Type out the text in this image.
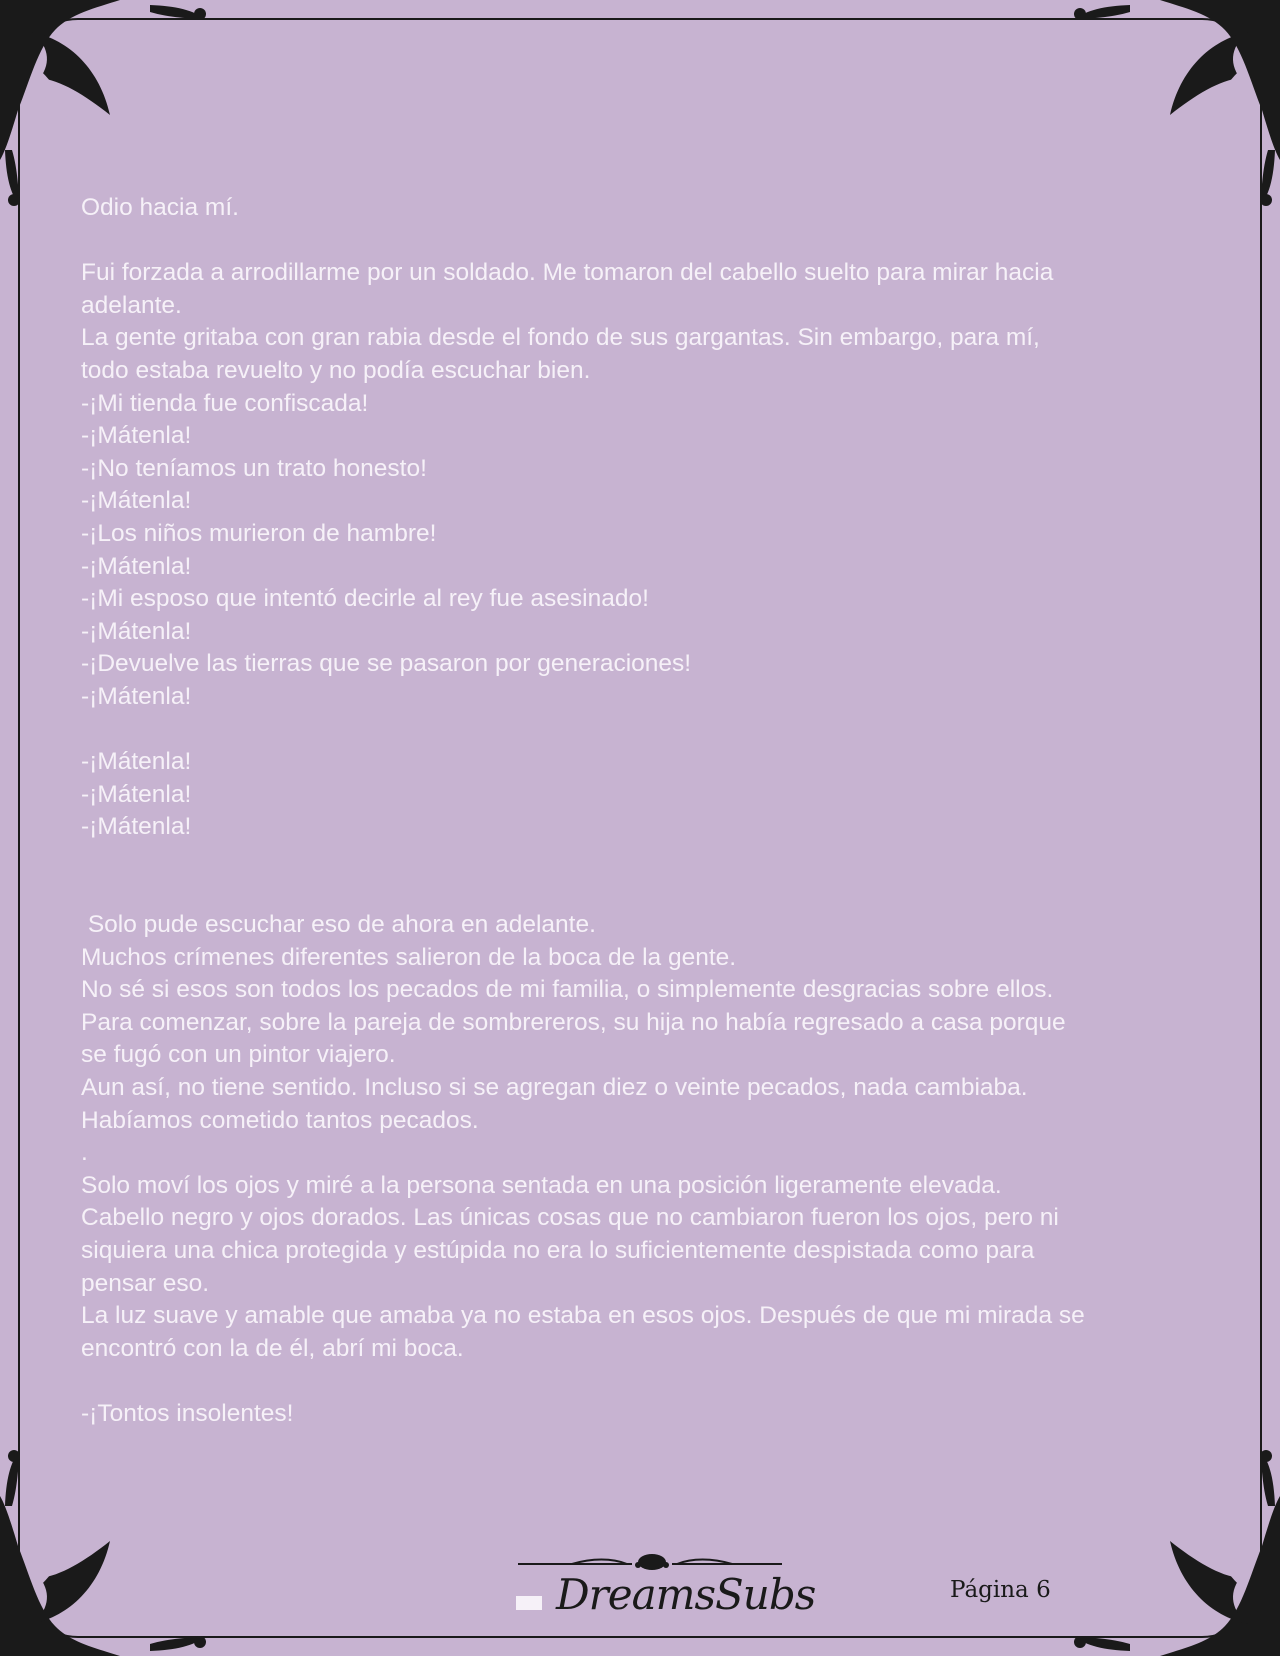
Odio hacia mí.
Fui forzada a arrodillarme por un soldado. Me tomaron del cabello suelto para mirar hacia
adelante.
La gente gritaba con gran rabia desde el fondo de sus gargantas. Sin embargo, para mí,
todo estaba revuelto y no podía escuchar bien.
-¡Mi tienda fue confiscada!
-¡Mátenla!
-¡No teníamos un trato honesto!
-¡Mátenla!
-¡Los niños murieron de hambre!
-¡Mátenla!
-¡Mi esposo que intentó decirle al rey fue asesinado!
-¡Mátenla!
-¡Devuelve las tierras que se pasaron por generaciones!
-¡Mátenla!
-¡Mátenla!
-¡Mátenla!
-¡Mátenla!
Solo pude escuchar eso de ahora en adelante.
Muchos crímenes diferentes salieron de la boca de la gente.
No sé si esos son todos los pecados de mi familia, o simplemente desgracias sobre ellos.
Para comenzar, sobre la pareja de sombrereros, su hija no había regresado a casa porque
se fugó con un pintor viajero.
Aun así, no tiene sentido. Incluso si se agregan diez o veinte pecados, nada cambiaba.
Habíamos cometido tantos pecados.
.
Solo moví los ojos y miré a la persona sentada en una posición ligeramente elevada.
Cabello negro y ojos dorados. Las únicas cosas que no cambiaron fueron los ojos, pero ni
siquiera una chica protegida y estúpida no era lo suficientemente despistada como para
pensar eso.
La luz suave y amable que amaba ya no estaba en esos ojos. Después de que mi mirada se
encontró con la de él, abrí mi boca.
-¡Tontos insolentes!
DreamsSubs	Página 6
